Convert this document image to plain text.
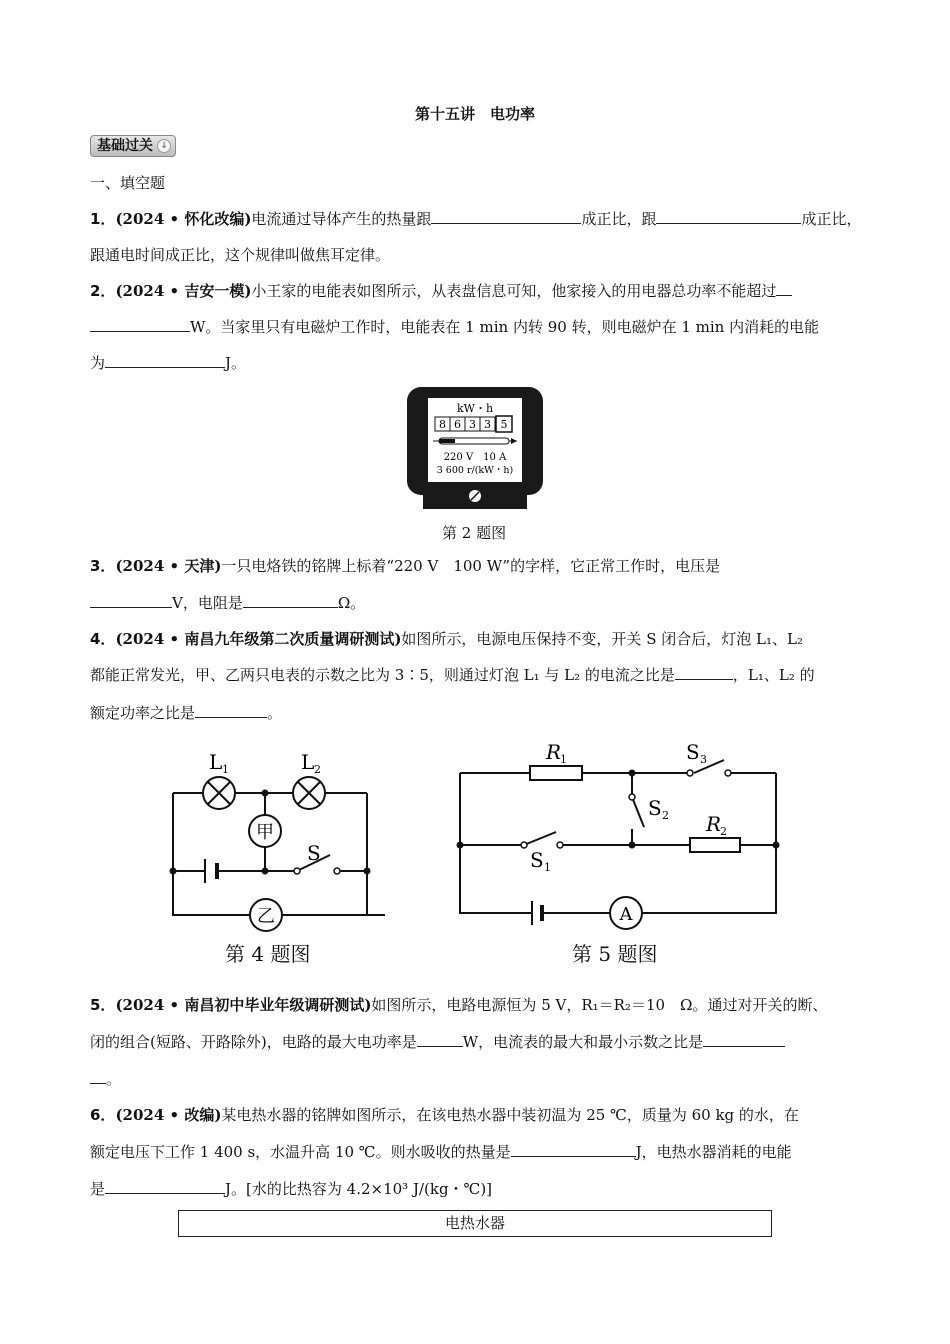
第十五讲　电功率
基础过关 ↓
一、填空题
1．(2024 • 怀化改编)电流通过导体产生的热量跟	成正比，跟	成正比，
跟通电时间成正比，这个规律叫做焦耳定律。
2．(2024 • 吉安一模)小王家的电能表如图所示，从表盘信息可知，他家接入的用电器总功率不能超过
W。当家里只有电磁炉工作时，电能表在 1 min 内转 90 转，则电磁炉在 1 min 内消耗的电能
为	J。
kW・h
8 6 3 3 5
220 V　10 A
3 600 r/(kW・h)
第 2 题图
3．(2024 • 天津)一只电烙铁的铭牌上标着“220 V　100 W”的字样，它正常工作时，电压是
V，电阻是	Ω。
4．(2024 • 南昌九年级第二次质量调研测试)如图所示，电源电压保持不变，开关 S 闭合后，灯泡 L₁、L₂
都能正常发光，甲、乙两只电表的示数之比为 3∶5，则通过灯泡 L₁ 与 L₂ 的电流之比是	，L₁、L₂ 的
额定功率之比是	。
L 1	L 2
甲
乙
S
第 4 题图
A
R
1
R
2
S 3
S 2
S 1
第 5 题图
5．(2024 • 南昌初中毕业年级调研测试)如图所示，电路电源恒为 5 V，R₁＝R₂＝10　Ω。通过对开关的断、
闭的组合(短路、开路除外)，电路的最大电功率是	W，电流表的最大和最小示数之比是
。
6．(2024 • 改编)某电热水器的铭牌如图所示，在该电热水器中装初温为 25 ℃，质量为 60 kg 的水，在
额定电压下工作 1 400 s，水温升高 10 ℃。则水吸收的热量是	J，电热水器消耗的电能
是	J。[水的比热容为 4.2×10³ J/(kg・℃)]
电热水器
